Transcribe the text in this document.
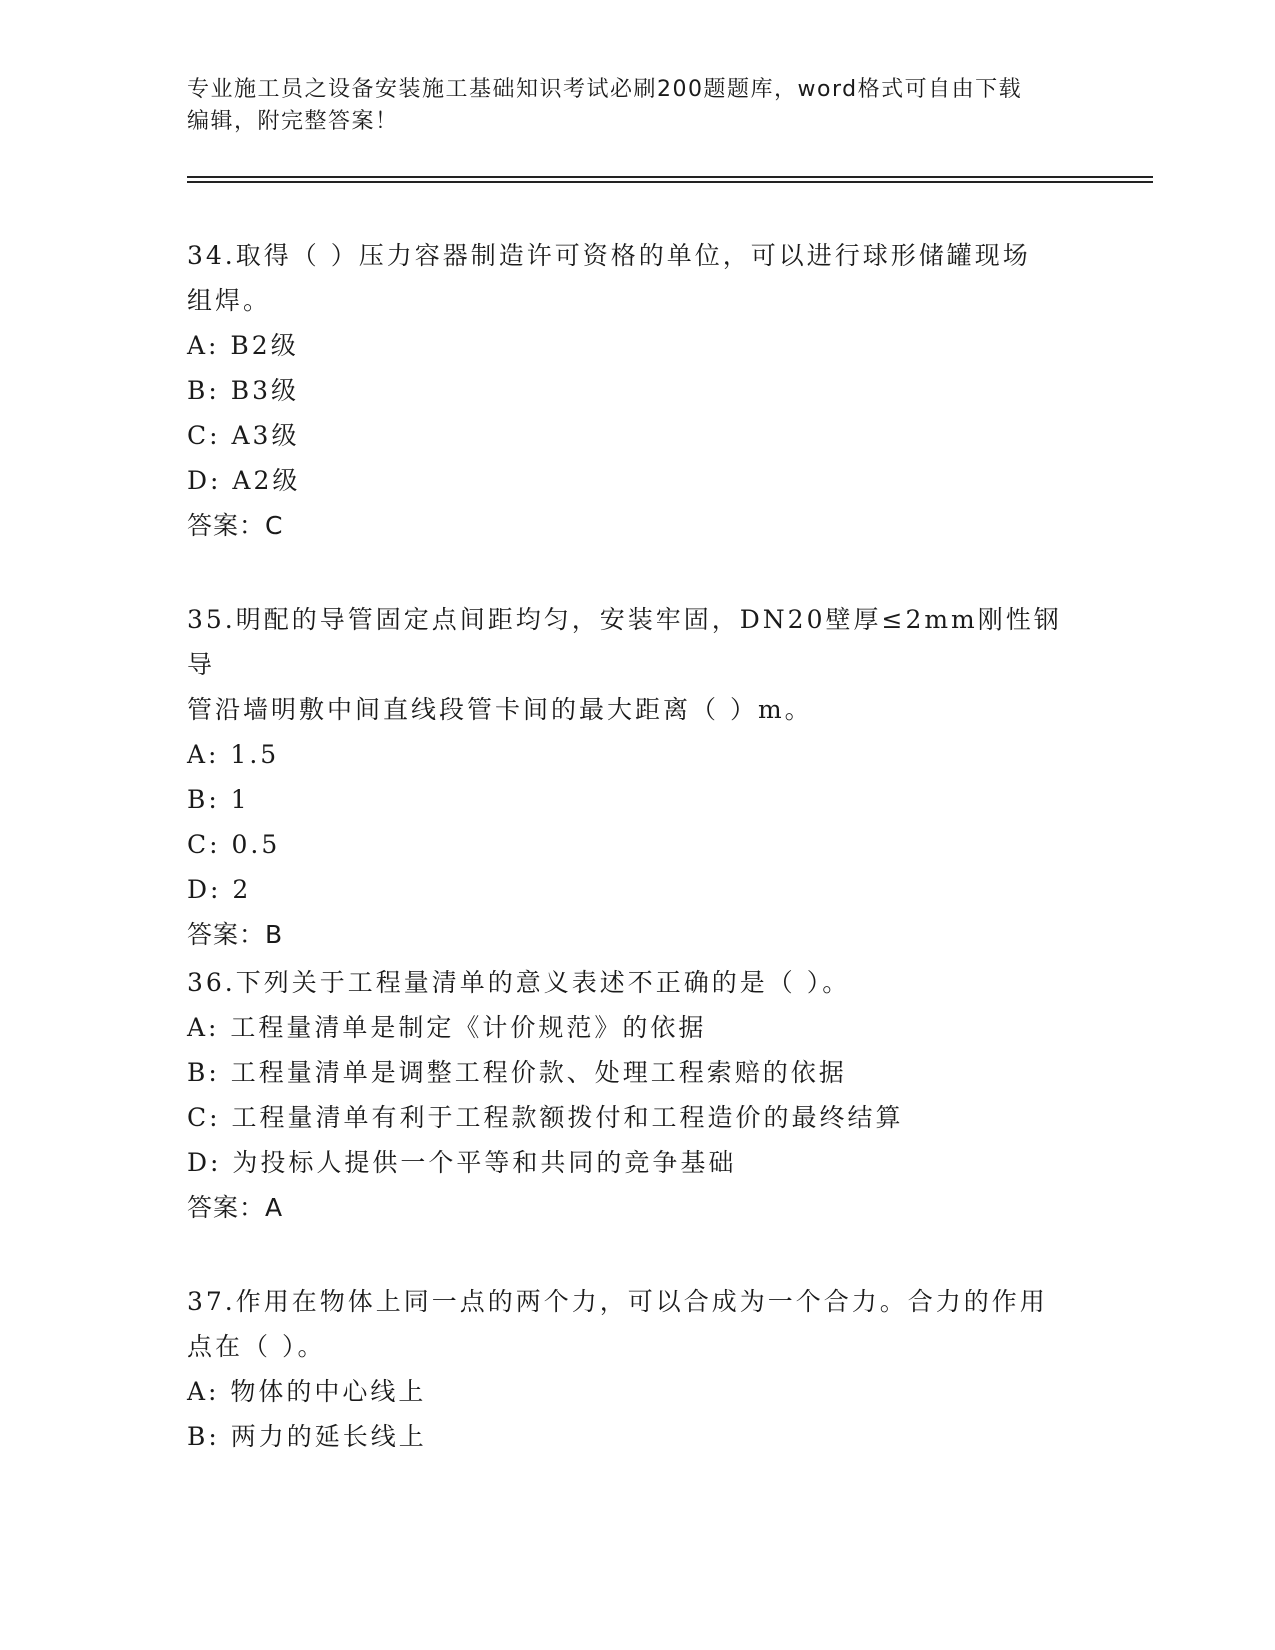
专业施工员之设备安装施工基础知识考试必刷200题题库，word格式可自由下载
编辑，附完整答案！

34.取得（ ）压力容器制造许可资格的单位，可以进行球形储罐现场

组焊。

A: B2级

B: B3级

C: A3级

D: A2级

答案：C

35.明配的导管固定点间距均匀，安装牢固，DN20壁厚≤2mm刚性钢导

管沿墙明敷中间直线段管卡间的最大距离（ ）m。

A: 1.5

B: 1

C: 0.5

D: 2

答案：B

36.下列关于工程量清单的意义表述不正确的是（ ）。

A: 工程量清单是制定《计价规范》的依据

B: 工程量清单是调整工程价款、处理工程索赔的依据

C: 工程量清单有利于工程款额拨付和工程造价的最终结算

D: 为投标人提供一个平等和共同的竞争基础

答案：A

37.作用在物体上同一点的两个力，可以合成为一个合力。合力的作用

点在（ ）。

A: 物体的中心线上

B: 两力的延长线上
